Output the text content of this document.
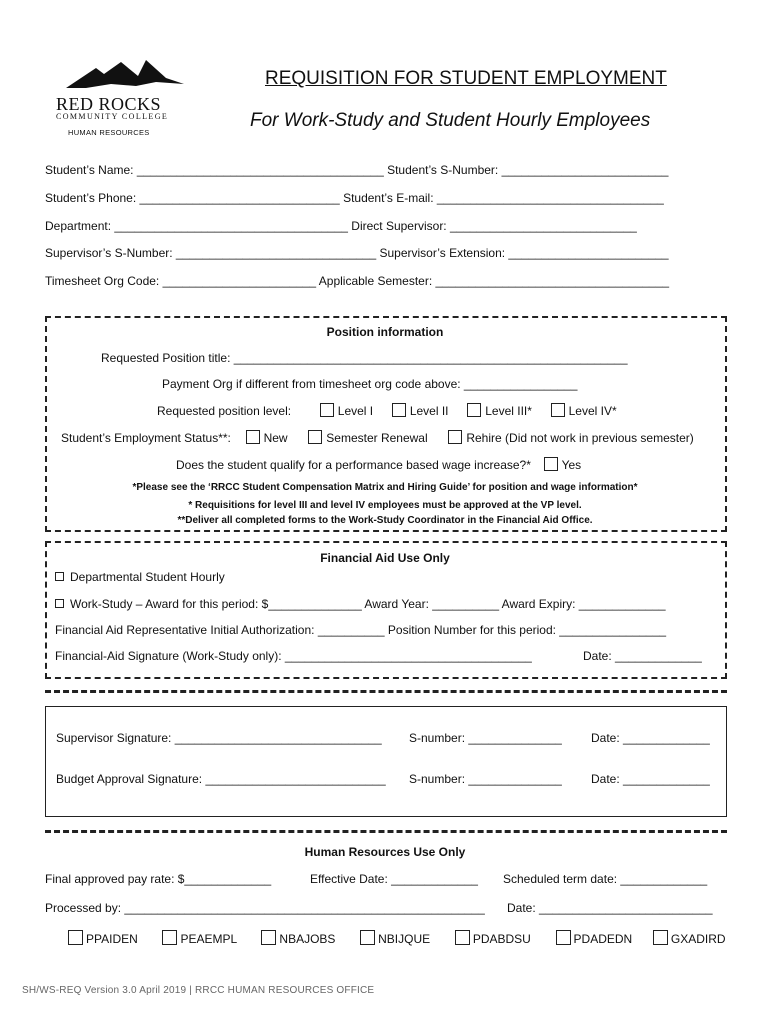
RED ROCKS
COMMUNITY COLLEGE
HUMAN RESOURCES
REQUISITION FOR STUDENT EMPLOYMENT
For Work-Study and Student Hourly Employees
Student’s Name: _____________________________________ Student’s S-Number: _________________________
Student’s Phone: ______________________________ Student’s E-mail: __________________________________
Department: ___________________________________ Direct Supervisor: ____________________________
Supervisor’s S-Number: ______________________________ Supervisor’s Extension: ________________________
Timesheet Org Code: _______________________ Applicable Semester: ___________________________________
Position information
Requested Position title: ___________________________________________________________
Payment Org if different from timesheet org code above: _________________
Requested position level:	Level I	Level II	Level III*	Level IV*
Student’s Employment Status**:	New	Semester Renewal	Rehire (Did not work in previous semester)
Does the student qualify for a performance based wage increase?*	Yes
*Please see the ‘RRCC Student Compensation Matrix and Hiring Guide’ for position and wage information*
* Requisitions for level III and level IV employees must be approved at the VP level.
**Deliver all completed forms to the Work-Study Coordinator in the Financial Aid Office.
Financial Aid Use Only
Departmental Student Hourly
Work-Study – Award for this period: $______________ Award Year: __________ Award Expiry: _____________
Financial Aid Representative Initial Authorization: __________ Position Number for this period: ________________
Financial-Aid Signature (Work-Study only): _____________________________________	Date: _____________
Supervisor Signature: _______________________________ S-number: ______________ Date: _____________
Budget Approval Signature: ___________________________ S-number: ______________ Date: _____________
Human Resources Use Only
Final approved pay rate: $_____________	Effective Date: _____________ Scheduled term date: _____________
Processed by: ______________________________________________________ Date: __________________________
PPAIDEN	PEAEMPL	NBAJOBS	NBIJQUE	PDABDSU	PDADEDN	GXADIRD
SH/WS-REQ Version 3.0 April 2019 | RRCC HUMAN RESOURCES OFFICE
